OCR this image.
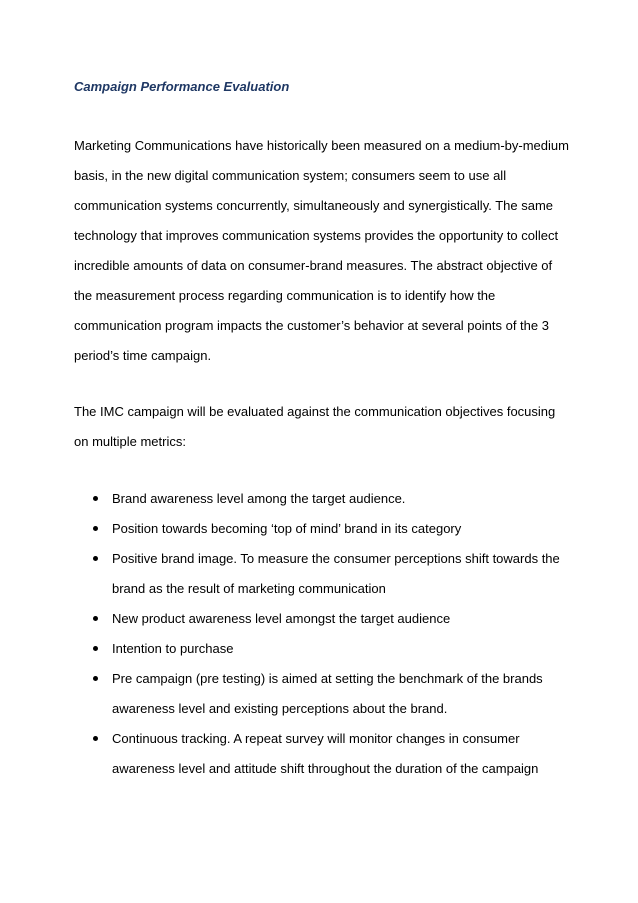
Campaign Performance Evaluation
Marketing Communications have historically been measured on a medium-by-medium
basis, in the new digital communication system; consumers seem to use all
communication systems concurrently, simultaneously and synergistically. The same
technology that improves communication systems provides the opportunity to collect
incredible amounts of data on consumer-brand measures. The abstract objective of
the measurement process regarding communication is to identify how the
communication program impacts the customer’s behavior at several points of the 3
period’s time campaign.
The IMC campaign will be evaluated against the communication objectives focusing
on multiple metrics:
Brand awareness level among the target audience.
Position towards becoming ‘top of mind’ brand in its category
Positive brand image. To measure the consumer perceptions shift towards the
brand as the result of marketing communication
New product awareness level amongst the target audience
Intention to purchase
Pre campaign (pre testing) is aimed at setting the benchmark of the brands
awareness level and existing perceptions about the brand.
Continuous tracking. A repeat survey will monitor changes in consumer
awareness level and attitude shift throughout the duration of the campaign
